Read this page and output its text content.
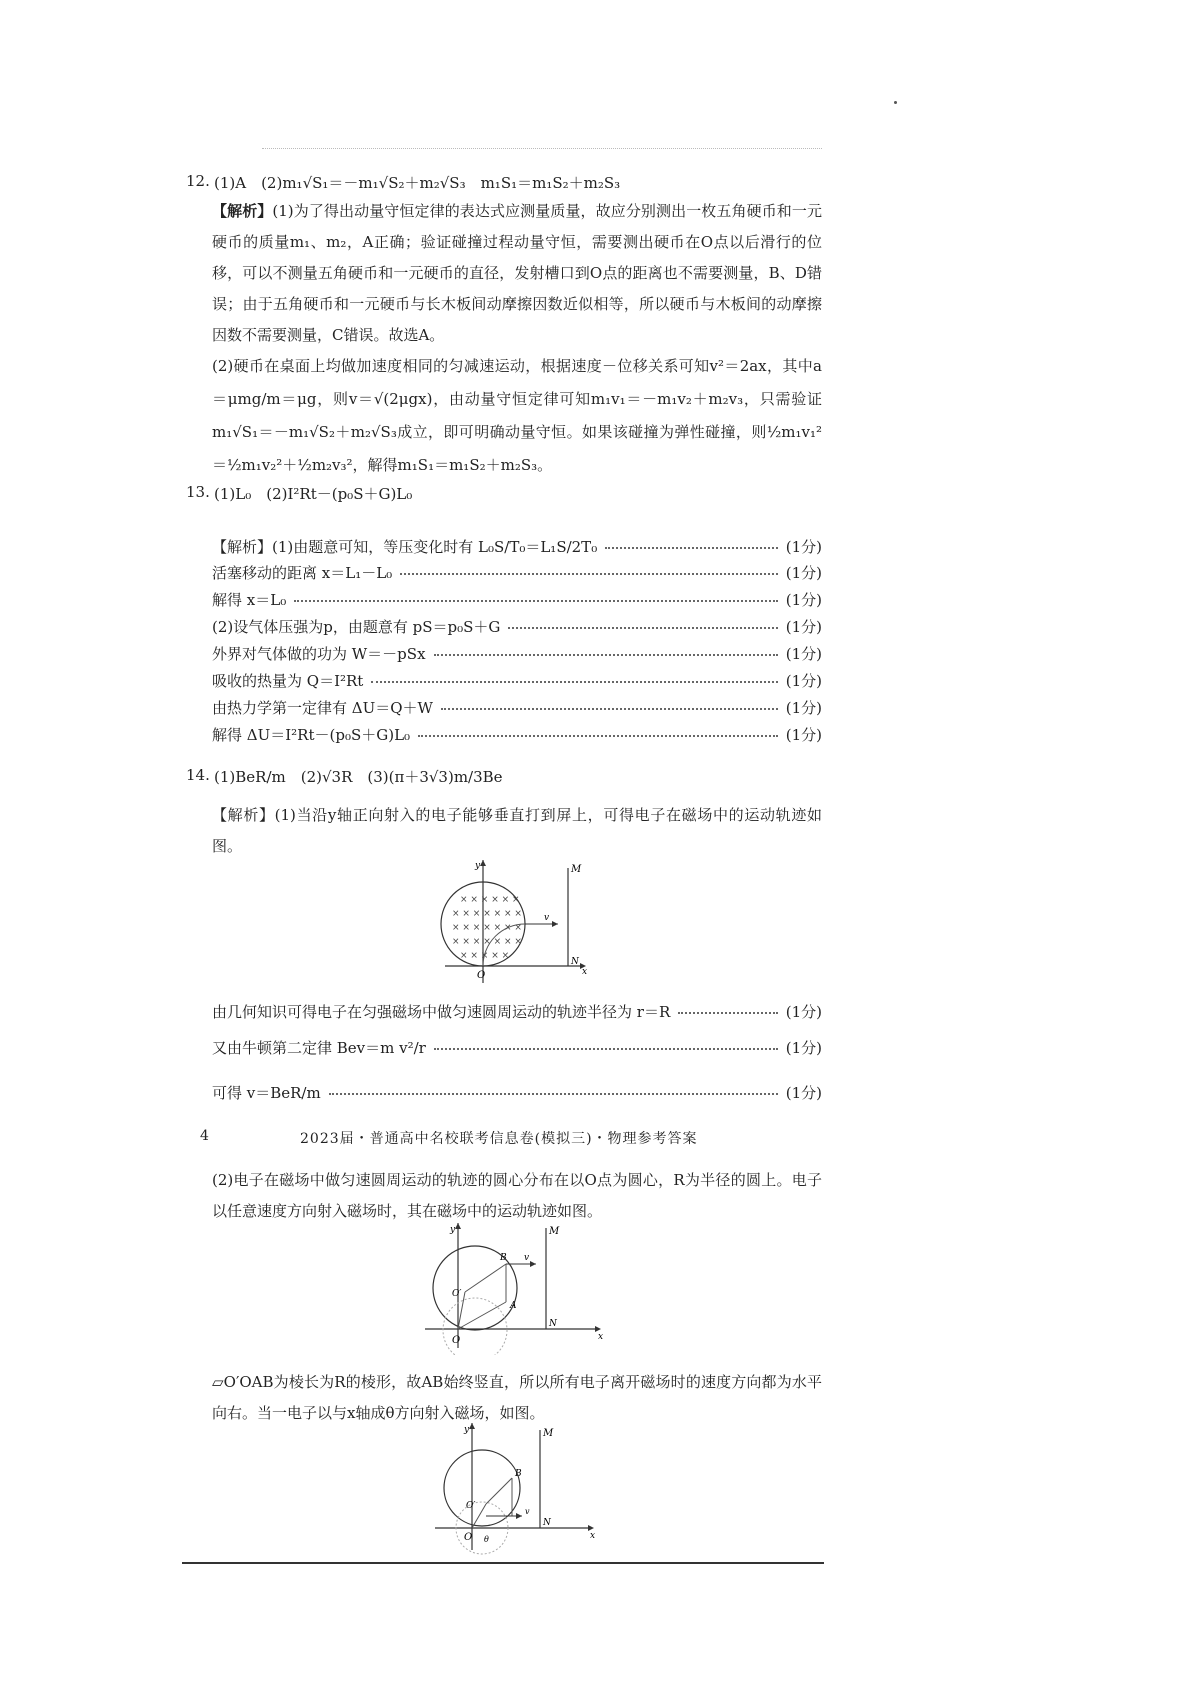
12. (1)A　(2)m₁√S₁＝－m₁√S₂＋m₂√S₃　m₁S₁＝m₁S₂＋m₂S₃
【解析】(1)为了得出动量守恒定律的表达式应测量质量，故应分别测出一枚五角硬币和一元硬币的质量m₁、m₂，A正确；验证碰撞过程动量守恒，需要测出硬币在O点以后滑行的位移，可以不测量五角硬币和一元硬币的直径，发射槽口到O点的距离也不需要测量，B、D错误；由于五角硬币和一元硬币与长木板间动摩擦因数近似相等，所以硬币与木板间的动摩擦因数不需要测量，C错误。故选A。
(2)硬币在桌面上均做加速度相同的匀减速运动，根据速度－位移关系可知v²＝2ax，其中a＝μmg/m＝μg，则v＝√(2μgx)，由动量守恒定律可知m₁v₁＝－m₁v₂＋m₂v₃，只需验证m₁√S₁＝－m₁√S₂＋m₂√S₃成立，即可明确动量守恒。如果该碰撞为弹性碰撞，则½m₁v₁²＝½m₁v₂²＋½m₂v₃²，解得m₁S₁＝m₁S₂＋m₂S₃。
13. (1)L₀　(2)I²Rt－(p₀S＋G)L₀
【解析】(1)由题意可知，等压变化时有 L₀S/T₀＝L₁S/2T₀	(1分)
活塞移动的距离 x＝L₁－L₀	(1分)
解得 x＝L₀	(1分)
(2)设气体压强为p，由题意有 pS＝p₀S＋G	(1分)
外界对气体做的功为 W＝－pSx	(1分)
吸收的热量为 Q＝I²Rt	(1分)
由热力学第一定律有 ΔU＝Q＋W	(1分)
解得 ΔU＝I²Rt－(p₀S＋G)L₀	(1分)
14. (1)BeR/m　(2)√3R　(3)(π＋3√3)m/3Be
【解析】(1)当沿y轴正向射入的电子能够垂直打到屏上，可得电子在磁场中的运动轨迹如图。
× × × × × ×
× × × × × × ×
× × × × × × ×
× × × × × × ×
× × × × ×
y	M
N
x
O
v
由几何知识可得电子在匀强磁场中做匀速圆周运动的轨迹半径为 r＝R	(1分)
又由牛顿第二定律 Bev＝m v²/r	(1分)
可得 v＝BeR/m	(1分)
4	2023届・普通高中名校联考信息卷(模拟三)・物理参考答案
(2)电子在磁场中做匀速圆周运动的轨迹的圆心分布在以O点为圆心，R为半径的圆上。电子以任意速度方向射入磁场时，其在磁场中的运动轨迹如图。
y	M
N
x
O
O′
B
A
v
▱O′OAB为棱长为R的棱形，故AB始终竖直，所以所有电子离开磁场时的速度方向都为水平向右。当一电子以与x轴成θ方向射入磁场，如图。
y	M
N
x
O
O′
B
θ
v
